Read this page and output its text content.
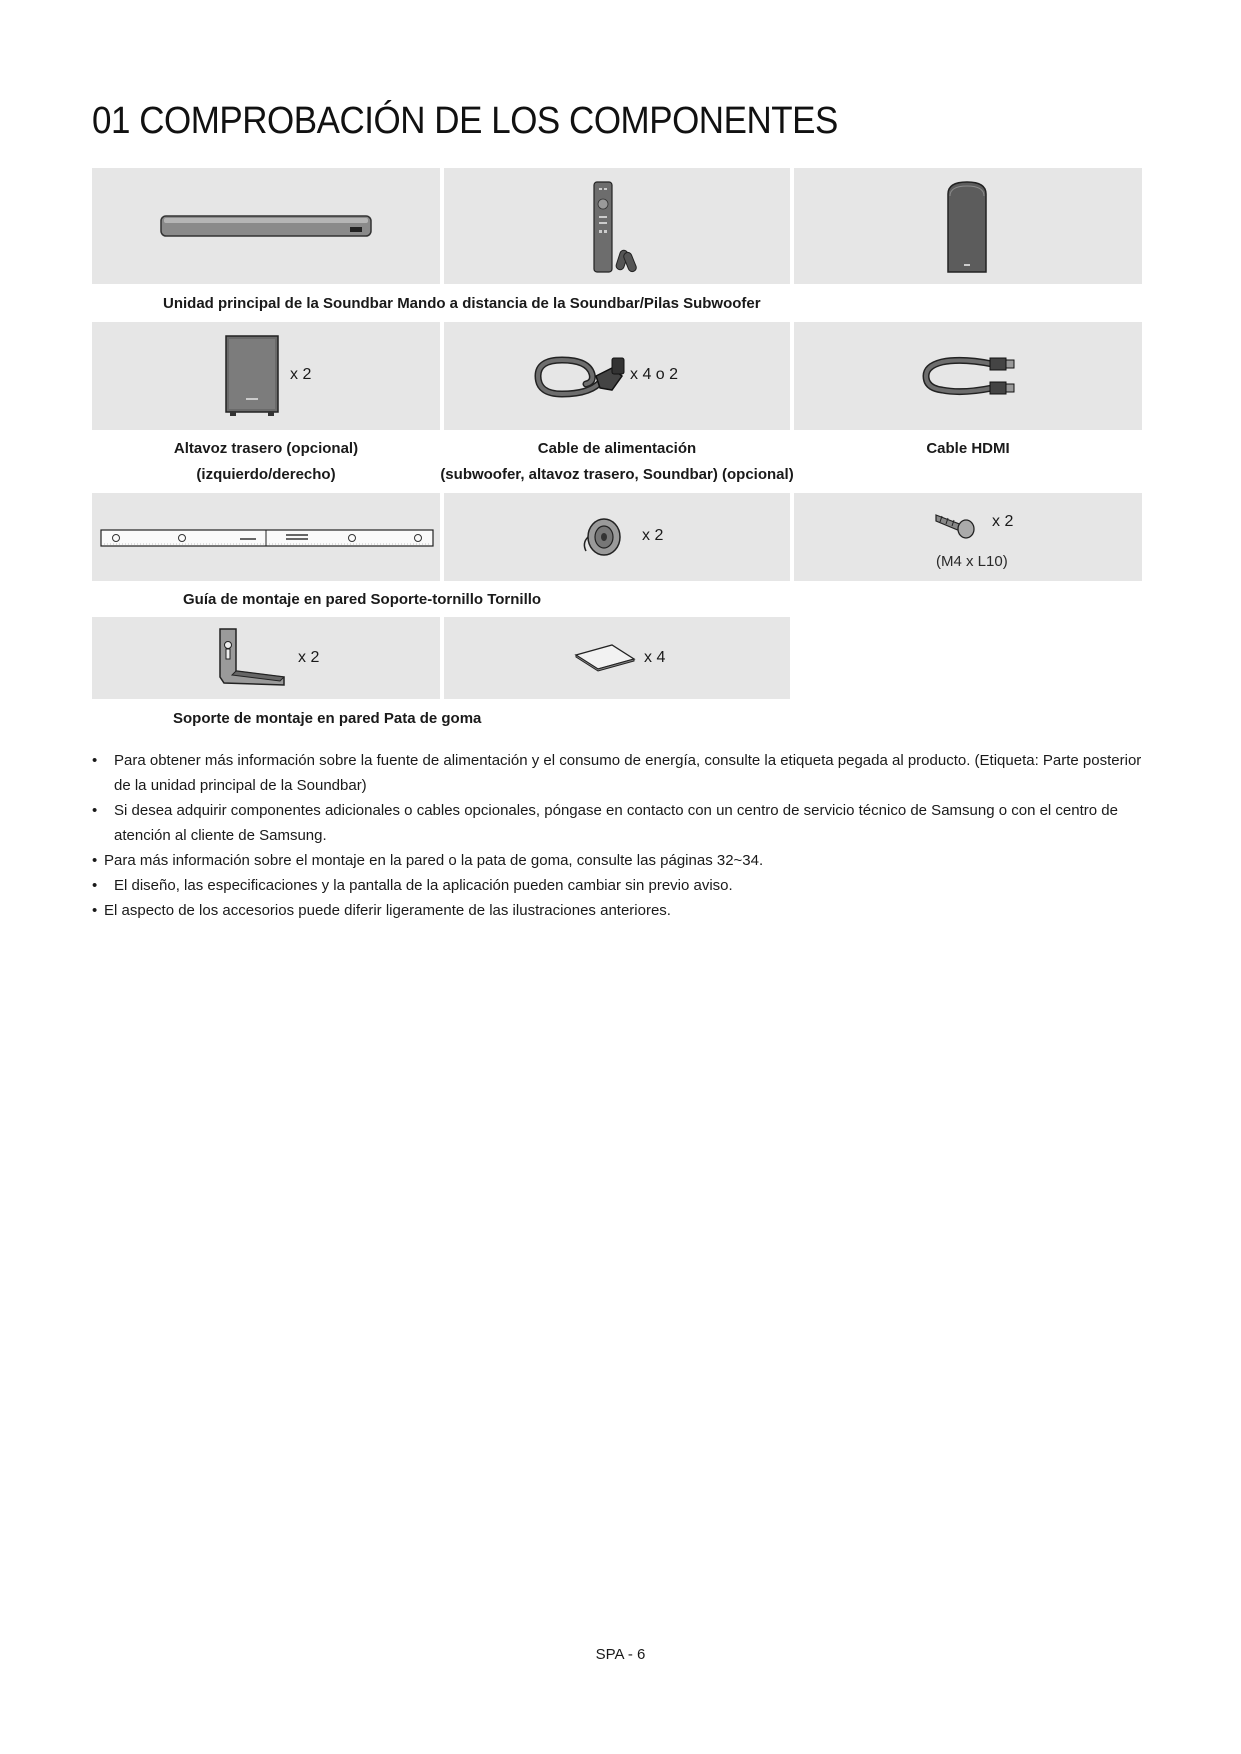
01 COMPROBACIÓN DE LOS COMPONENTES
Unidad principal de la Soundbar Mando a distancia de la Soundbar/Pilas Subwoofer
x 2	x 4 o 2
Altavoz trasero (opcional)
(izquierdo/derecho)
Cable de alimentación
(subwoofer, altavoz trasero, Soundbar) (opcional)
Cable HDMI
x 2
x 2
(M4 x L10)
Guía de montaje en pared Soporte-tornillo Tornillo
x 2	x 4
Soporte de montaje en pared Pata de goma
• Para obtener más información sobre la fuente de alimentación y el consumo de energía, consulte la etiqueta pegada al producto. (Etiqueta: Parte posterior de la unidad principal de la Soundbar)
• Si desea adquirir componentes adicionales o cables opcionales, póngase en contacto con un centro de servicio técnico de Samsung o con el centro de atención al cliente de Samsung.
• Para más información sobre el montaje en la pared o la pata de goma, consulte las páginas 32~34.
• El diseño, las especificaciones y la pantalla de la aplicación pueden cambiar sin previo aviso.
• El aspecto de los accesorios puede diferir ligeramente de las ilustraciones anteriores.
SPA - 6
